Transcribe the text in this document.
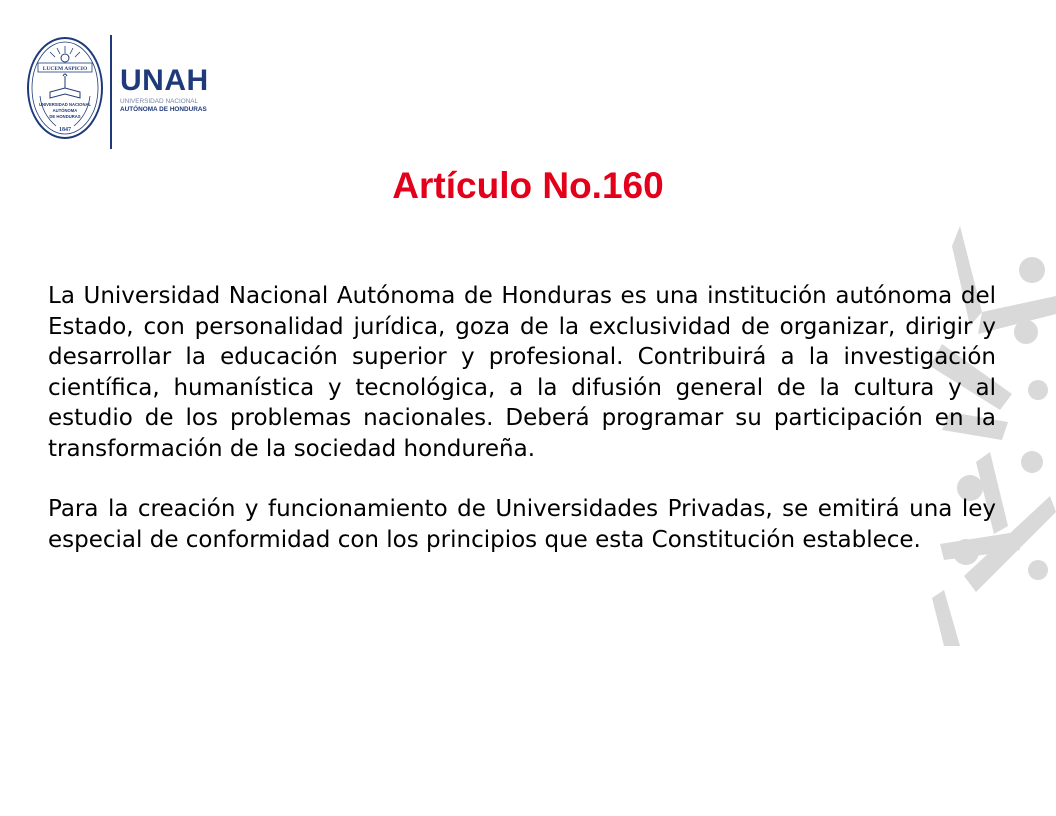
LUCEM ASPICIO
UNIVERSIDAD NACIONAL
AUTÓNOMA
DE HONDURAS
1847
UNAH
UNIVERSIDAD NACIONAL
AUTÓNOMA DE HONDURAS
Artículo No.160

La Universidad Nacional Autónoma de Honduras es una institución autónoma del Estado, con personalidad jurídica, goza de la exclusividad de organizar, dirigir y desarrollar la educación superior y profesional. Contribuirá a la investigación científica, humanística y tecnológica, a la difusión general de la cultura y al estudio de los problemas nacionales. Deberá programar su participación en la transformación de la sociedad hondureña.

Para la creación y funcionamiento de Universidades Privadas, se emitirá una ley especial de conformidad con los principios que esta Constitución establece.
